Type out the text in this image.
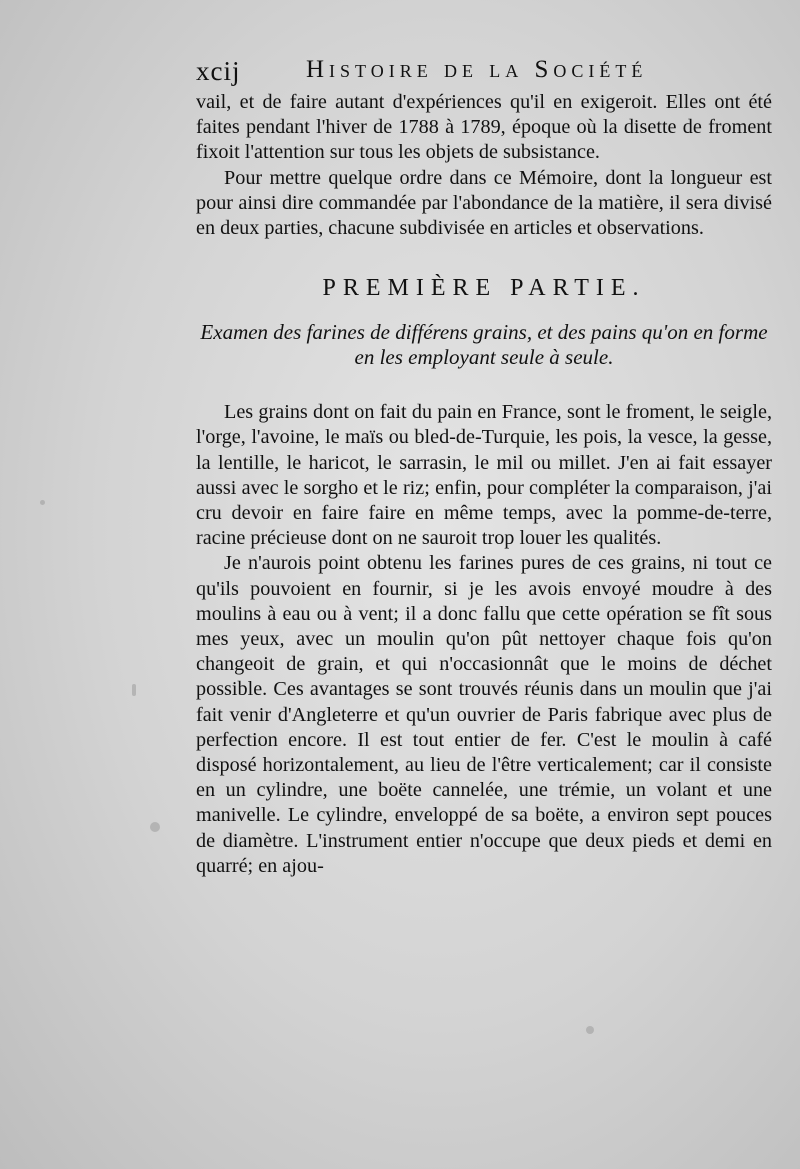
xcij	Histoire de la Société

vail, et de faire autant d'expériences qu'il en exigeroit. Elles ont été faites pendant l'hiver de 1788 à 1789, époque où la disette de froment fixoit l'attention sur tous les objets de subsistance.

Pour mettre quelque ordre dans ce Mémoire, dont la longueur est pour ainsi dire commandée par l'abondance de la matière, il sera divisé en deux parties, chacune subdivisée en articles et observations.

PREMIÈRE PARTIE.
Examen des farines de différens grains, et des pains qu'on en forme en les employant seule à seule.

Les grains dont on fait du pain en France, sont le froment, le seigle, l'orge, l'avoine, le maïs ou bled-de-Turquie, les pois, la vesce, la gesse, la lentille, le haricot, le sarrasin, le mil ou millet. J'en ai fait essayer aussi avec le sorgho et le riz; enfin, pour compléter la comparaison, j'ai cru devoir en faire faire en même temps, avec la pomme-de-terre, racine précieuse dont on ne sauroit trop louer les qualités.

Je n'aurois point obtenu les farines pures de ces grains, ni tout ce qu'ils pouvoient en fournir, si je les avois envoyé moudre à des moulins à eau ou à vent; il a donc fallu que cette opération se fît sous mes yeux, avec un moulin qu'on pût nettoyer chaque fois qu'on changeoit de grain, et qui n'occasionnât que le moins de déchet possible. Ces avantages se sont trouvés réunis dans un moulin que j'ai fait venir d'Angleterre et qu'un ouvrier de Paris fabrique avec plus de perfection encore. Il est tout entier de fer. C'est le moulin à café disposé horizontalement, au lieu de l'être verticalement; car il consiste en un cylindre, une boëte cannelée, une trémie, un volant et une manivelle. Le cylindre, enveloppé de sa boëte, a environ sept pouces de diamètre. L'instrument entier n'occupe que deux pieds et demi en quarré; en ajou-
